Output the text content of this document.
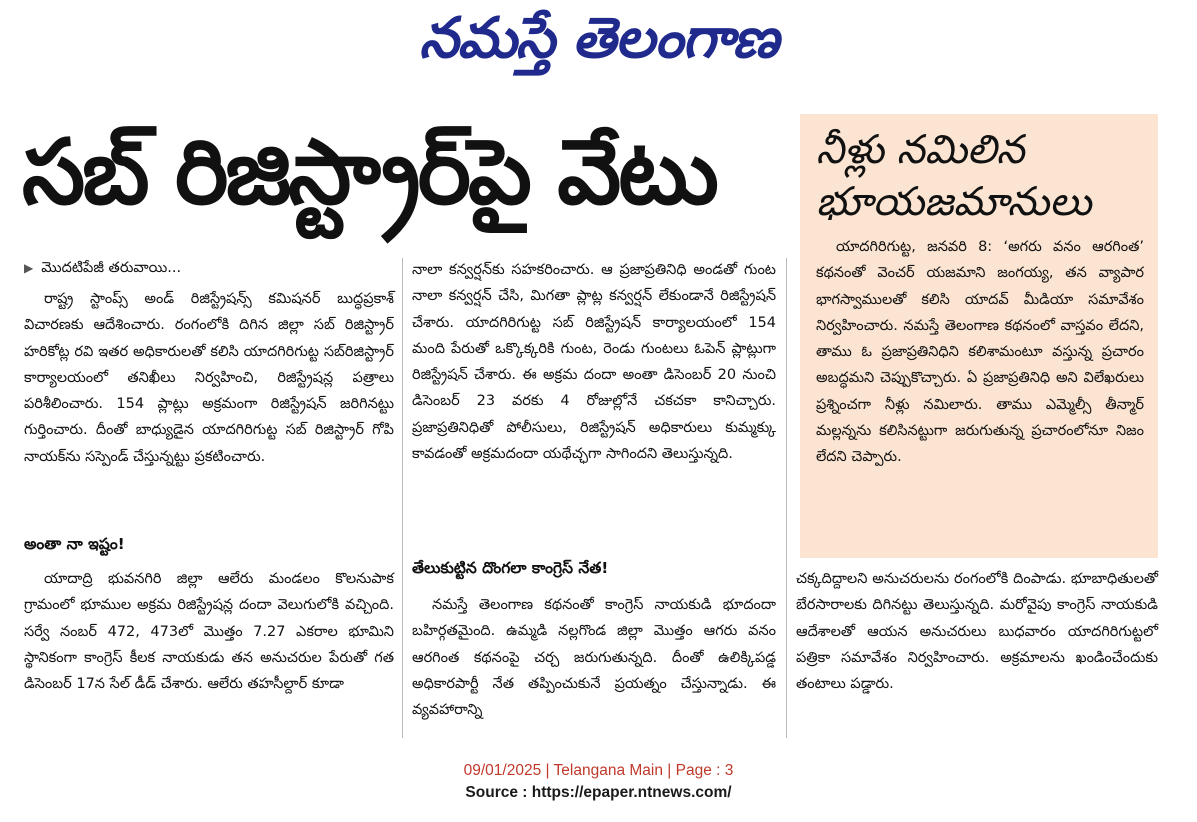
నమస్తే తెలంగాణ
సబ్ రిజిస్ట్రార్‌పై వేటు	నీళ్లు నమిలిన భూయజమానులు
▶ మొదటిపేజీ తరువాయి...

రాష్ట్ర స్టాంప్స్ అండ్ రిజిస్ట్రేషన్స్ కమిషనర్ బుద్ధప్రకాశ్ విచారణకు ఆదేశించారు. రంగంలోకి దిగిన జిల్లా సబ్ రిజిస్ట్రార్ హరికోట్ల రవి ఇతర అధికారులతో కలిసి యాదగిరిగుట్ట సబ్‌రిజిస్ట్రార్ కార్యాలయంలో తనిఖీలు నిర్వహించి, రిజిస్ట్రేషన్ల పత్రాలు పరిశీలించారు. 154 ప్లాట్లు అక్రమంగా రిజిస్ట్రేషన్ జరిగినట్టు గుర్తించారు. దీంతో బాధ్యుడైన యాదగిరిగుట్ట సబ్ రిజిస్ట్రార్ గోపి నాయక్‌ను సస్పెండ్ చేస్తున్నట్టు ప్రకటించారు.

అంతా నా ఇష్టం!

యాదాద్రి భువనగిరి జిల్లా ఆలేరు మండలం కొలనుపాక గ్రామంలో భూముల అక్రమ రిజిస్ట్రేషన్ల దందా వెలుగులోకి వచ్చింది. సర్వే నంబర్ 472, 473లో మొత్తం 7.27 ఎకరాల భూమిని స్థానికంగా కాంగ్రెస్ కీలక నాయకుడు తన అనుచరుల పేరుతో గత డిసెంబర్ 17న సేల్ డీడ్ చేశారు. ఆలేరు తహసీల్దార్ కూడా

నాలా కన్వర్షన్‌కు సహకరించారు. ఆ ప్రజాప్రతినిధి అండతో గుంట నాలా కన్వర్షన్ చేసి, మిగతా ప్లాట్ల కన్వర్షన్ లేకుండానే రిజిస్ట్రేషన్ చేశారు. యాదగిరిగుట్ట సబ్ రిజిస్ట్రేషన్ కార్యాలయంలో 154 మంది పేరుతో ఒక్కొక్కరికి గుంట, రెండు గుంటలు ఓపెన్ ప్లాట్లుగా రిజిస్ట్రేషన్ చేశారు. ఈ అక్రమ దందా అంతా డిసెంబర్ 20 నుంచి డిసెంబర్ 23 వరకు 4 రోజుల్లోనే చకచకా కానిచ్చారు. ప్రజాప్రతినిధితో పోలీసులు, రిజిస్ట్రేషన్ అధికారులు కుమ్మక్కు కావడంతో అక్రమదందా యథేచ్ఛగా సాగిందని తెలుస్తున్నది.

తేలుకుట్టిన దొంగలా కాంగ్రెస్ నేత!

నమస్తే తెలంగాణ కథనంతో కాంగ్రెస్ నాయకుడి భూదందా బహిర్గతమైంది. ఉమ్మడి నల్లగొండ జిల్లా మొత్తం ఆగరు వనం ఆరగింత కథనంపై చర్చ జరుగుతున్నది. దీంతో ఉలిక్కిపడ్డ అధికారపార్టీ నేత తప్పించుకునే ప్రయత్నం చేస్తున్నాడు. ఈ వ్యవహారాన్ని

యాదగిరిగుట్ట, జనవరి 8: ‘అగరు వనం ఆరగింత’ కథనంతో వెంచర్ యజమాని జంగయ్య, తన వ్యాపార భాగస్వాములతో కలిసి యాదవ్ మీడియా సమావేశం నిర్వహించారు. నమస్తే తెలంగాణ కథనంలో వాస్తవం లేదని, తాము ఓ ప్రజాప్రతినిధిని కలిశామంటూ వస్తున్న ప్రచారం అబద్ధమని చెప్పుకొచ్చారు. ఏ ప్రజాప్రతినిధి అని విలేఖరులు ప్రశ్నించగా నీళ్లు నమిలారు. తాము ఎమ్మెల్సీ తీన్మార్ మల్లన్నను కలిసినట్టుగా జరుగుతున్న ప్రచారంలోనూ నిజం లేదని చెప్పారు.

చక్కదిద్దాలని అనుచరులను రంగంలోకి దింపాడు. భూబాధితులతో బేరసారాలకు దిగినట్టు తెలుస్తున్నది. మరోవైపు కాంగ్రెస్ నాయకుడి ఆదేశాలతో ఆయన అనుచరులు బుధవారం యాదగిరిగుట్టలో పత్రికా సమావేశం నిర్వహించారు. అక్రమాలను ఖండించేందుకు తంటాలు పడ్డారు.

09/01/2025 | Telangana Main | Page : 3
Source : https://epaper.ntnews.com/
